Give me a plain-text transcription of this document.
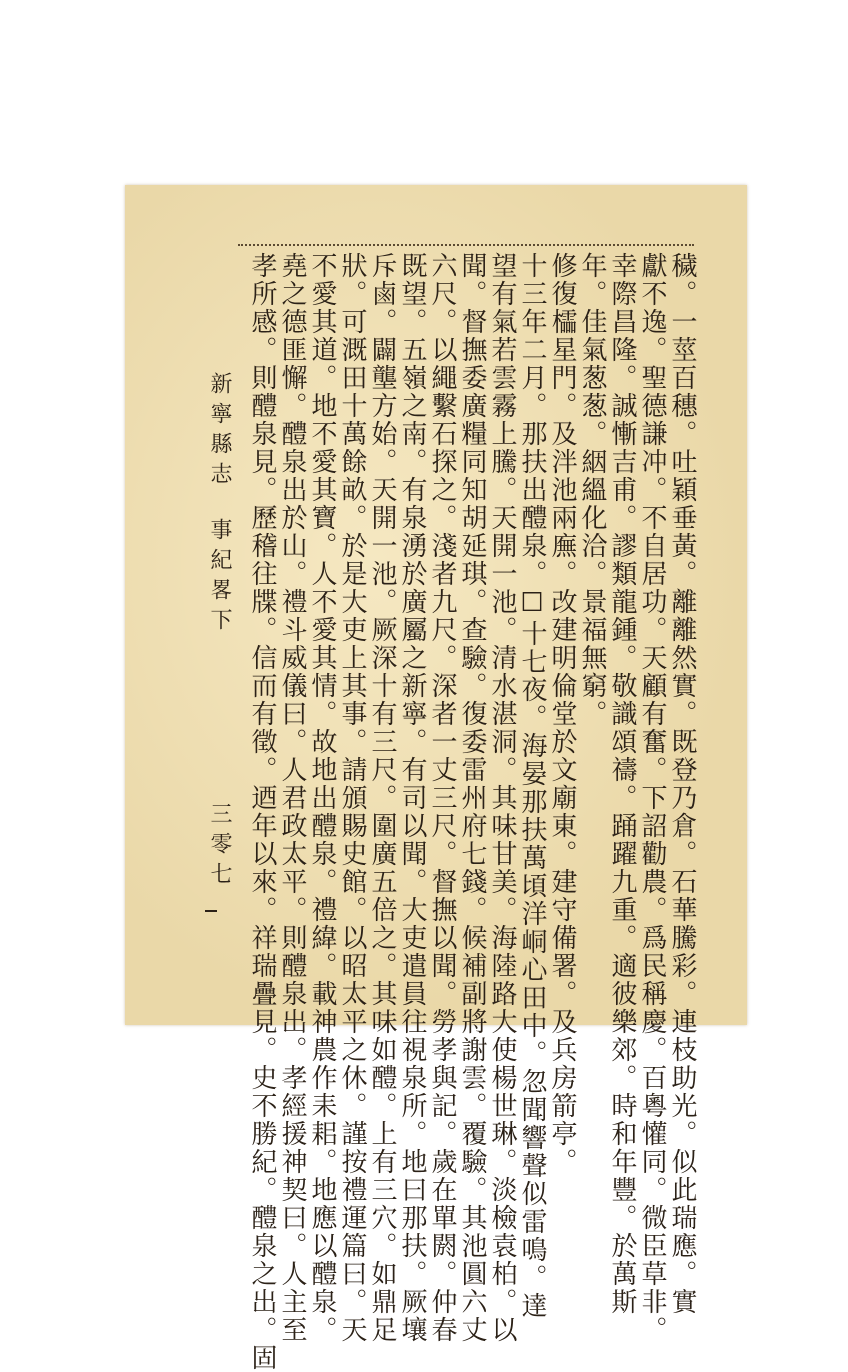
穢。一莖百穗。吐穎垂黃。離離然實。既登乃倉。石華騰彩。連枝助光。似此瑞應。實
獻不逸。聖德謙冲。不自居功。天顧有奮。下詔勸農。爲民稱慶。百粵懽同。微臣草非。
幸際昌隆。誠慚吉甫。謬類龍鍾。敬識頌禱。踊躍九重。適彼樂郊。時和年豐。於萬斯
年。佳氣葱葱。絪縕化洽。景福無窮。
修復櫺星門。及泮池兩廡。改建明倫堂於文廟東。建守備署。及兵房箭亭。
十三年二月。那扶出醴泉。☐十七夜。海晏那扶萬頃洋峒心田中。忽聞響聲似雷鳴。達
望有氣若雲霧上騰。天開一池。清水湛洞。其味甘美。海陸路大使楊世琳。淡檢袁柏。以
聞。督撫委廣糧同知胡延琪。查驗。復委雷州府七錢。候補副將謝雲。覆驗。其池圓六丈
六尺。以繩繫石探之。淺者九尺。深者一丈三尺。督撫以聞。勞孝與記。歲在單閼。仲春
既望。五嶺之南。有泉湧於廣屬之新寧。有司以聞。大吏遣員往視泉所。地曰那扶。厥壤
斥鹵。闢壟方始。天開一池。厥深十有三尺。圍廣五倍之。其味如醴。上有三穴。如鼎足
狀。可溉田十萬餘畝。於是大吏上其事。請頒賜史館。以昭太平之休。謹按禮運篇曰。天
不愛其道。地不愛其寶。人不愛其情。故地出醴泉。禮緯。載神農作耒耜。地應以醴泉。
堯之德匪懈。醴泉出於山。禮斗威儀曰。人君政太平。則醴泉出。孝經援神契曰。人主至
孝所感。則醴泉見。歷稽往牒。信而有徵。迺年以來。祥瑞疊見。史不勝紀。醴泉之出。固
新寧縣志
事紀畧下
三零七
